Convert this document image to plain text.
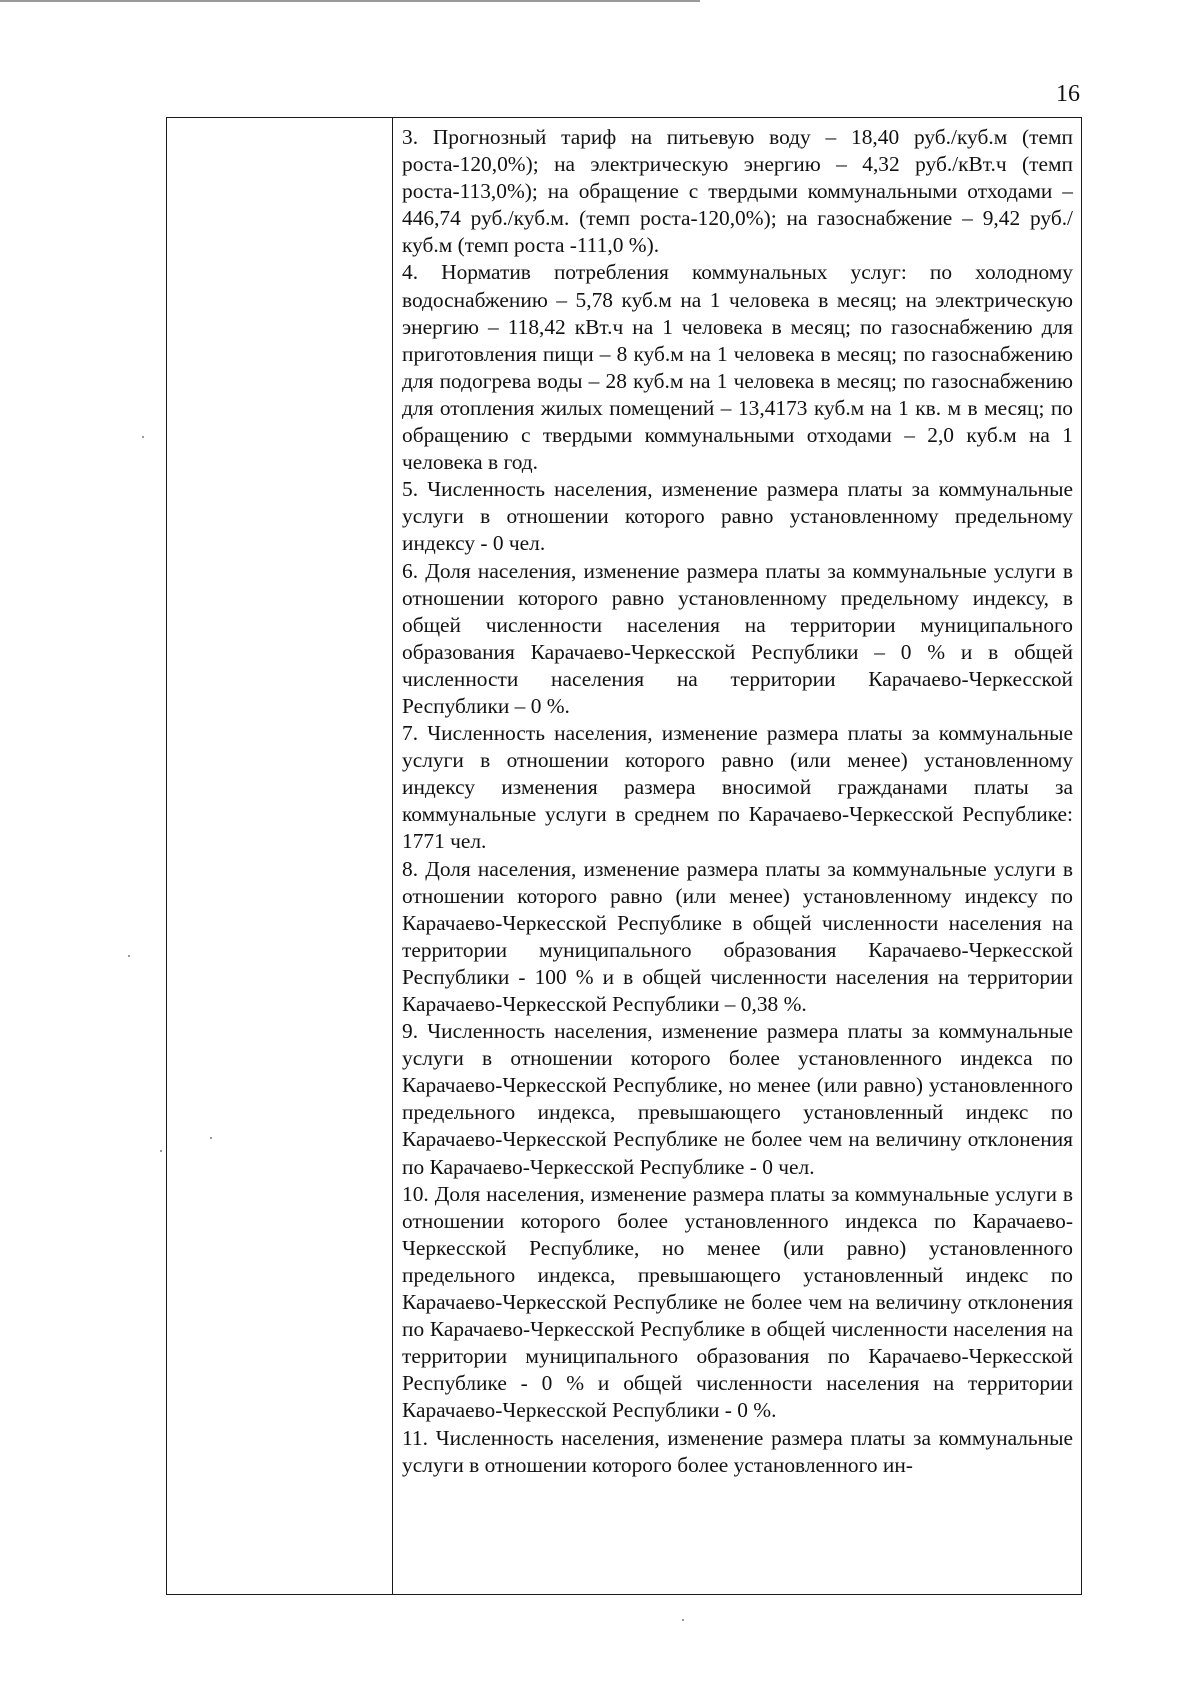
16

3. Прогнозный тариф на питьевую воду – 18,40 руб./куб.м (темп роста-120,0%); на электрическую энергию – 4,32 руб./кВт.ч (темп роста-113,0%); на обращение с твердыми коммунальными отходами – 446,74 руб./куб.м. (темп роста-120,0%); на газоснабжение – 9,42 руб./куб.м (темп роста -111,0 %).

4. Норматив потребления коммунальных услуг: по холодному водоснабжению – 5,78 куб.м на 1 человека в месяц; на электрическую энергию – 118,42 кВт.ч на 1 человека в месяц; по газоснабжению для приготовления пищи – 8 куб.м на 1 человека в месяц; по газоснабжению для подогрева воды – 28 куб.м на 1 человека в месяц; по газоснабжению для отопления жилых помещений – 13,4173 куб.м на 1 кв. м в месяц; по обращению с твердыми коммунальными отходами – 2,0 куб.м на 1 человека в год.

5. Численность населения, изменение размера платы за коммунальные услуги в отношении которого равно установленному предельному индексу - 0 чел.

6. Доля населения, изменение размера платы за коммунальные услуги в отношении которого равно установленному предельному индексу, в общей численности населения на территории муниципального образования Карачаево-Черкесской Республики – 0 % и в общей численности населения на территории Карачаево-Черкесской Республики – 0 %.

7. Численность населения, изменение размера платы за коммунальные услуги в отношении которого равно (или менее) установленному индексу изменения размера вносимой гражданами платы за коммунальные услуги в среднем по Карачаево-Черкесской Республике: 1771 чел.

8. Доля населения, изменение размера платы за коммунальные услуги в отношении которого равно (или менее) установленному индексу по Карачаево-Черкесской Республике в общей численности населения на территории муниципального образования Карачаево-Черкесской Республики - 100 % и в общей численности населения на территории Карачаево-Черкесской Республики – 0,38 %.

9. Численность населения, изменение размера платы за коммунальные услуги в отношении которого более установленного индекса по Карачаево-Черкесской Республике, но менее (или равно) установленного предельного индекса, превышающего установленный индекс по Карачаево-Черкесской Республике не более чем на величину отклонения по Карачаево-Черкесской Республике - 0 чел.

10. Доля населения, изменение размера платы за коммунальные услуги в отношении которого более установленного индекса по Карачаево-Черкесской Республике, но менее (или равно) установленного предельного индекса, превышающего установленный индекс по Карачаево-Черкесской Республике не более чем на величину отклонения по Карачаево-Черкесской Республике в общей численности населения на территории муниципального образования по Карачаево-Черкесской Республике - 0 % и общей численности населения на территории Карачаево-Черкесской Республики - 0 %.

11. Численность населения, изменение размера платы за коммунальные услуги в отношении которого более установленного ин-
